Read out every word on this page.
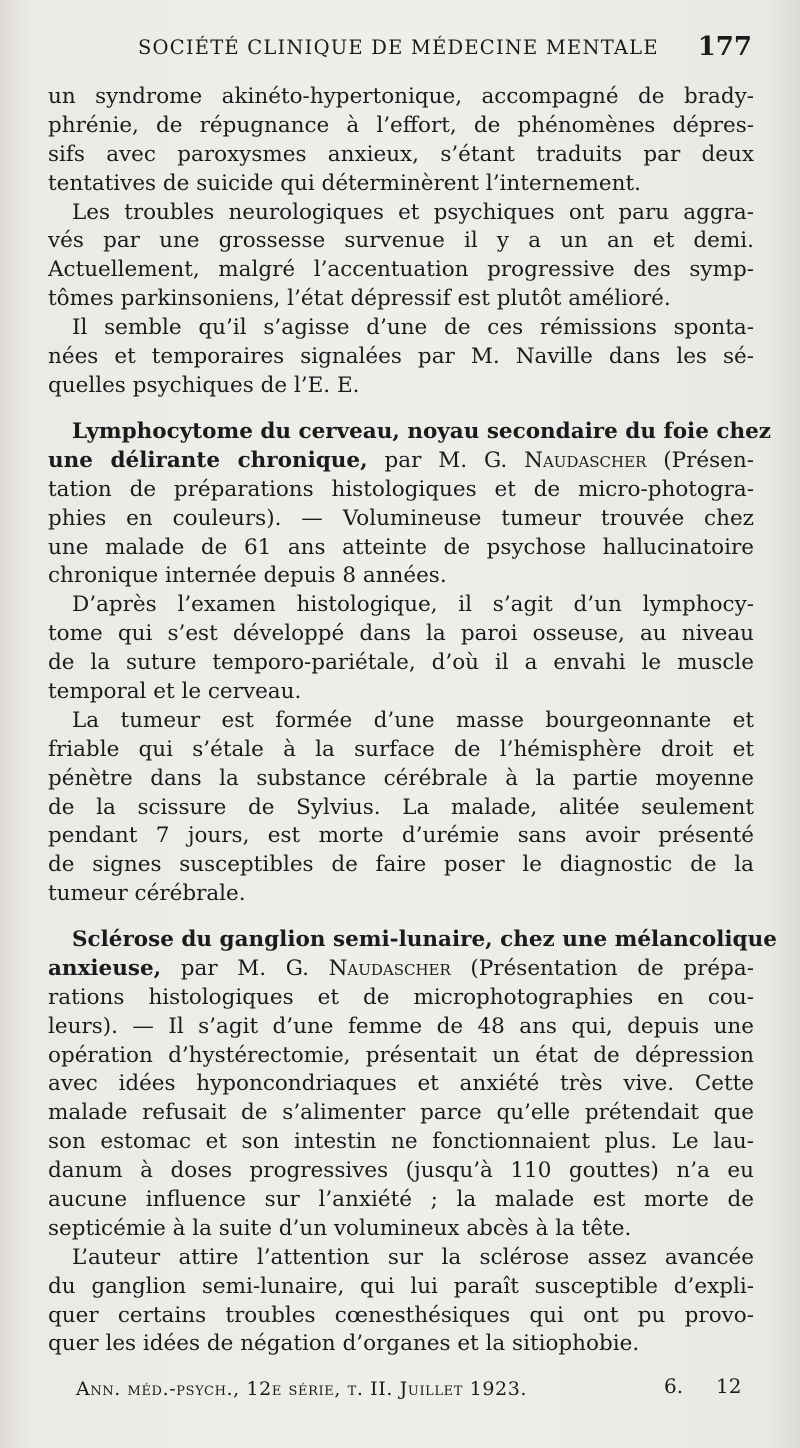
SOCIÉTÉ CLINIQUE DE MÉDECINE MENTALE 177
un syndrome akinéto-hypertonique, accompagné de brady-
phrénie, de répugnance à l’effort, de phénomènes dépres-
sifs avec paroxysmes anxieux, s’étant traduits par deux
tentatives de suicide qui déterminèrent l’internement.
Les troubles neurologiques et psychiques ont paru aggra-
vés par une grossesse survenue il y a un an et demi.
Actuellement, malgré l’accentuation progressive des symp-
tômes parkinsoniens, l’état dépressif est plutôt amélioré.
Il semble qu’il s’agisse d’une de ces rémissions sponta-
nées et temporaires signalées par M. Naville dans les sé-
quelles psychiques de l’E. E.
Lymphocytome du cerveau, noyau secondaire du foie chez
une délirante chronique, par M. G. Naudascher (Présen-
tation de préparations histologiques et de micro-photogra-
phies en couleurs). — Volumineuse tumeur trouvée chez
une malade de 61 ans atteinte de psychose hallucinatoire
chronique internée depuis 8 années.
D’après l’examen histologique, il s’agit d’un lymphocy-
tome qui s’est développé dans la paroi osseuse, au niveau
de la suture temporo-pariétale, d’où il a envahi le muscle
temporal et le cerveau.
La tumeur est formée d’une masse bourgeonnante et
friable qui s’étale à la surface de l’hémisphère droit et
pénètre dans la substance cérébrale à la partie moyenne
de la scissure de Sylvius. La malade, alitée seulement
pendant 7 jours, est morte d’urémie sans avoir présenté
de signes susceptibles de faire poser le diagnostic de la
tumeur cérébrale.
Sclérose du ganglion semi-lunaire, chez une mélancolique
anxieuse, par M. G. Naudascher (Présentation de prépa-
rations histologiques et de microphotographies en cou-
leurs). — Il s’agit d’une femme de 48 ans qui, depuis une
opération d’hystérectomie, présentait un état de dépression
avec idées hyponcondriaques et anxiété très vive. Cette
malade refusait de s’alimenter parce qu’elle prétendait que
son estomac et son intestin ne fonctionnaient plus. Le lau-
danum à doses progressives (jusqu’à 110 gouttes) n’a eu
aucune influence sur l’anxiété ; la malade est morte de
septicémie à la suite d’un volumineux abcès à la tête.
L’auteur attire l’attention sur la sclérose assez avancée
du ganglion semi-lunaire, qui lui paraît susceptible d’expli-
quer certains troubles cœnesthésiques qui ont pu provo-
quer les idées de négation d’organes et la sitiophobie.
Ann. méd.-psych., 12e série, t. II. Juillet 1923.	6. 12
